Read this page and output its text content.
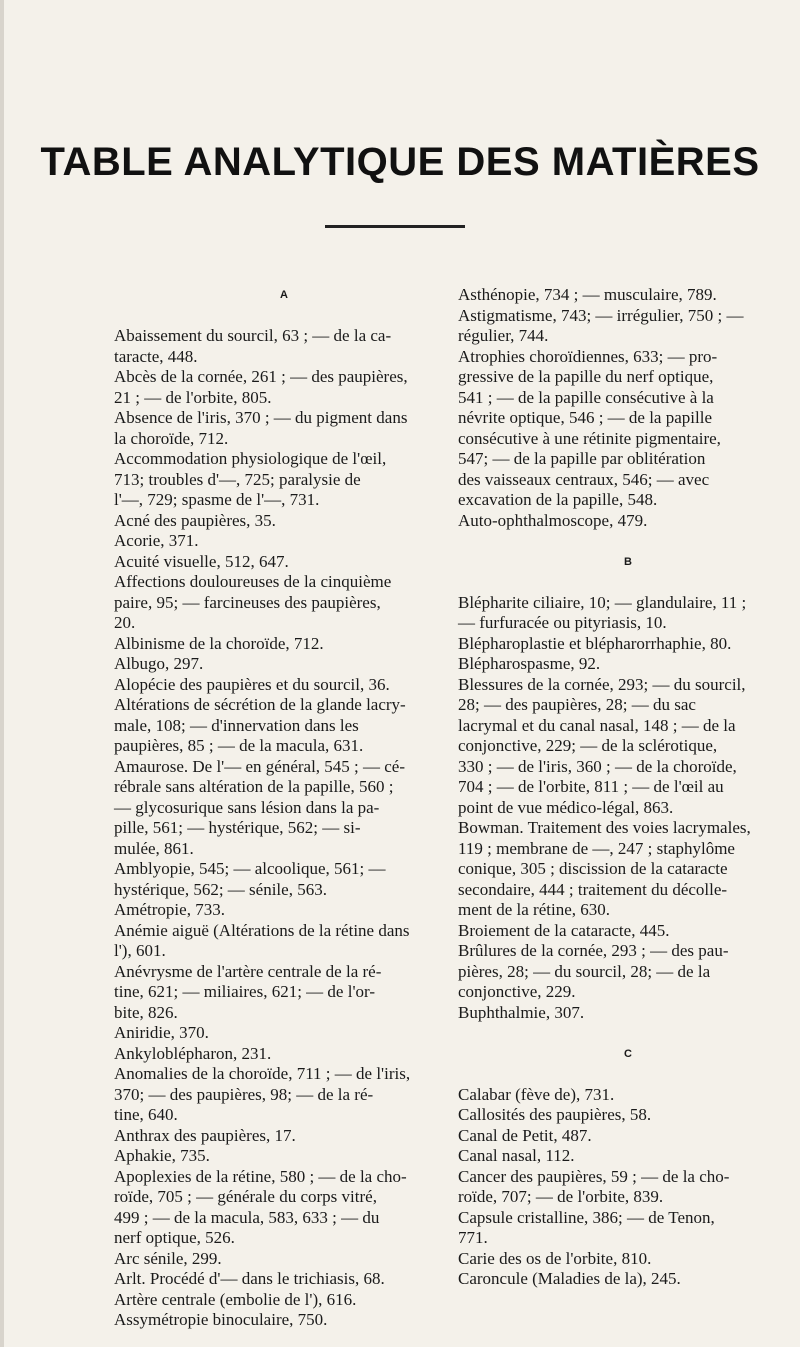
TABLE ANALYTIQUE DES MATIÈRES
A
Abaissement du sourcil, 63 ; — de la ca-
taracte, 448.
Abcès de la cornée, 261 ; — des paupières,
21 ; — de l'orbite, 805.
Absence de l'iris, 370 ; — du pigment dans
la choroïde, 712.
Accommodation physiologique de l'œil,
713; troubles d'—, 725; paralysie de
l'—, 729; spasme de l'—, 731.
Acné des paupières, 35.
Acorie, 371.
Acuité visuelle, 512, 647.
Affections douloureuses de la cinquième
paire, 95; — farcineuses des paupières,
20.
Albinisme de la choroïde, 712.
Albugo, 297.
Alopécie des paupières et du sourcil, 36.
Altérations de sécrétion de la glande lacry-
male, 108; — d'innervation dans les
paupières, 85 ; — de la macula, 631.
Amaurose. De l'— en général, 545 ; — cé-
rébrale sans altération de la papille, 560 ;
— glycosurique sans lésion dans la pa-
pille, 561; — hystérique, 562; — si-
mulée, 861.
Amblyopie, 545; — alcoolique, 561; —
hystérique, 562; — sénile, 563.
Amétropie, 733.
Anémie aiguë (Altérations de la rétine dans
l'), 601.
Anévrysme de l'artère centrale de la ré-
tine, 621; — miliaires, 621; — de l'or-
bite, 826.
Aniridie, 370.
Ankyloblépharon, 231.
Anomalies de la choroïde, 711 ; — de l'iris,
370; — des paupières, 98; — de la ré-
tine, 640.
Anthrax des paupières, 17.
Aphakie, 735.
Apoplexies de la rétine, 580 ; — de la cho-
roïde, 705 ; — générale du corps vitré,
499 ; — de la macula, 583, 633 ; — du
nerf optique, 526.
Arc sénile, 299.
Arlt. Procédé d'— dans le trichiasis, 68.
Artère centrale (embolie de l'), 616.
Assymétropie binoculaire, 750.
Asthénopie, 734 ; — musculaire, 789.
Astigmatisme, 743; — irrégulier, 750 ; —
régulier, 744.
Atrophies choroïdiennes, 633; — pro-
gressive de la papille du nerf optique,
541 ; — de la papille consécutive à la
névrite optique, 546 ; — de la papille
consécutive à une rétinite pigmentaire,
547; — de la papille par oblitération
des vaisseaux centraux, 546; — avec
excavation de la papille, 548.
Auto-ophthalmoscope, 479.
B
Blépharite ciliaire, 10; — glandulaire, 11 ;
— furfuracée ou pityriasis, 10.
Blépharoplastie et blépharorrhaphie, 80.
Blépharospasme, 92.
Blessures de la cornée, 293; — du sourcil,
28; — des paupières, 28; — du sac
lacrymal et du canal nasal, 148 ; — de la
conjonctive, 229; — de la sclérotique,
330 ; — de l'iris, 360 ; — de la choroïde,
704 ; — de l'orbite, 811 ; — de l'œil au
point de vue médico-légal, 863.
Bowman. Traitement des voies lacrymales,
119 ; membrane de —, 247 ; staphylôme
conique, 305 ; discission de la cataracte
secondaire, 444 ; traitement du décolle-
ment de la rétine, 630.
Broiement de la cataracte, 445.
Brûlures de la cornée, 293 ; — des pau-
pières, 28; — du sourcil, 28; — de la
conjonctive, 229.
Buphthalmie, 307.
C
Calabar (fève de), 731.
Callosités des paupières, 58.
Canal de Petit, 487.
Canal nasal, 112.
Cancer des paupières, 59 ; — de la cho-
roïde, 707; — de l'orbite, 839.
Capsule cristalline, 386; — de Tenon,
771.
Carie des os de l'orbite, 810.
Caroncule (Maladies de la), 245.
